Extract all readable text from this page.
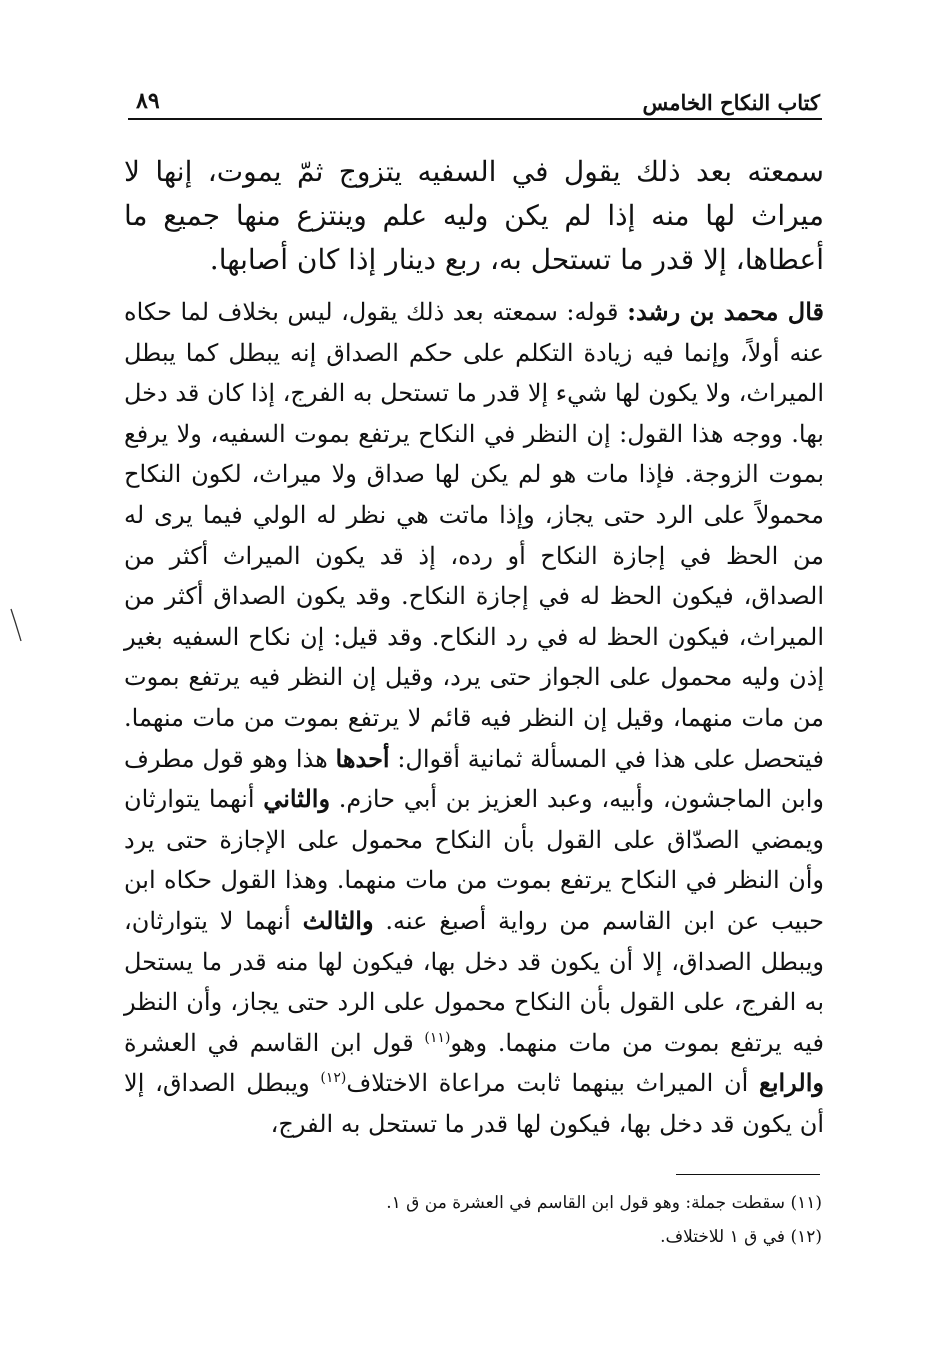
كتاب النكاح الخامس
٨٩

سمعته بعد ذلك يقول في السفيه يتزوج ثمّ يموت، إنها لا ميراث لها منه إذا لم يكن وليه علم وينتزع منها جميع ما أعطاها، إلا قدر ما تستحل به، ربع دينار إذا كان أصابها.

قال محمد بن رشد: قوله: سمعته بعد ذلك يقول، ليس بخلاف لما حكاه عنه أولاً، وإنما فيه زيادة التكلم على حكم الصداق إنه يبطل كما يبطل الميراث، ولا يكون لها شيء إلا قدر ما تستحل به الفرج، إذا كان قد دخل بها. ووجه هذا القول: إن النظر في النكاح يرتفع بموت السفيه، ولا يرفع بموت الزوجة. فإذا مات هو لم يكن لها صداق ولا ميراث، لكون النكاح محمولاً على الرد حتى يجاز، وإذا ماتت هي نظر له الولي فيما يرى له من الحظ في إجازة النكاح أو رده، إذ قد يكون الميراث أكثر من الصداق، فيكون الحظ له في إجازة النكاح. وقد يكون الصداق أكثر من الميراث، فيكون الحظ له في رد النكاح. وقد قيل: إن نكاح السفيه بغير إذن وليه محمول على الجواز حتى يرد، وقيل إن النظر فيه يرتفع بموت من مات منهما، وقيل إن النظر فيه قائم لا يرتفع بموت من مات منهما. فيتحصل على هذا في المسألة ثمانية أقوال: أحدها هذا وهو قول مطرف وابن الماجشون، وأبيه، وعبد العزيز بن أبي حازم. والثاني أنهما يتوارثان ويمضي الصدّاق على القول بأن النكاح محمول على الإجازة حتى يرد وأن النظر في النكاح يرتفع بموت من مات منهما. وهذا القول حكاه ابن حبيب عن ابن القاسم من رواية أصبغ عنه. والثالث أنهما لا يتوارثان، ويبطل الصداق، إلا أن يكون قد دخل بها، فيكون لها منه قدر ما يستحل به الفرج، على القول بأن النكاح محمول على الرد حتى يجاز، وأن النظر فيه يرتفع بموت من مات منهما. وهو$^{(١١)}$ قول ابن القاسم في العشرة والرابع أن الميراث بينهما ثابت مراعاة الاختلاف$^{(١٢)}$ ويبطل الصداق، إلا أن يكون قد دخل بها، فيكون لها قدر ما تستحل به الفرج،

(١١) سقطت جملة: وهو قول ابن القاسم في العشرة من ق ١.
(١٢) في ق ١ للاختلاف.
